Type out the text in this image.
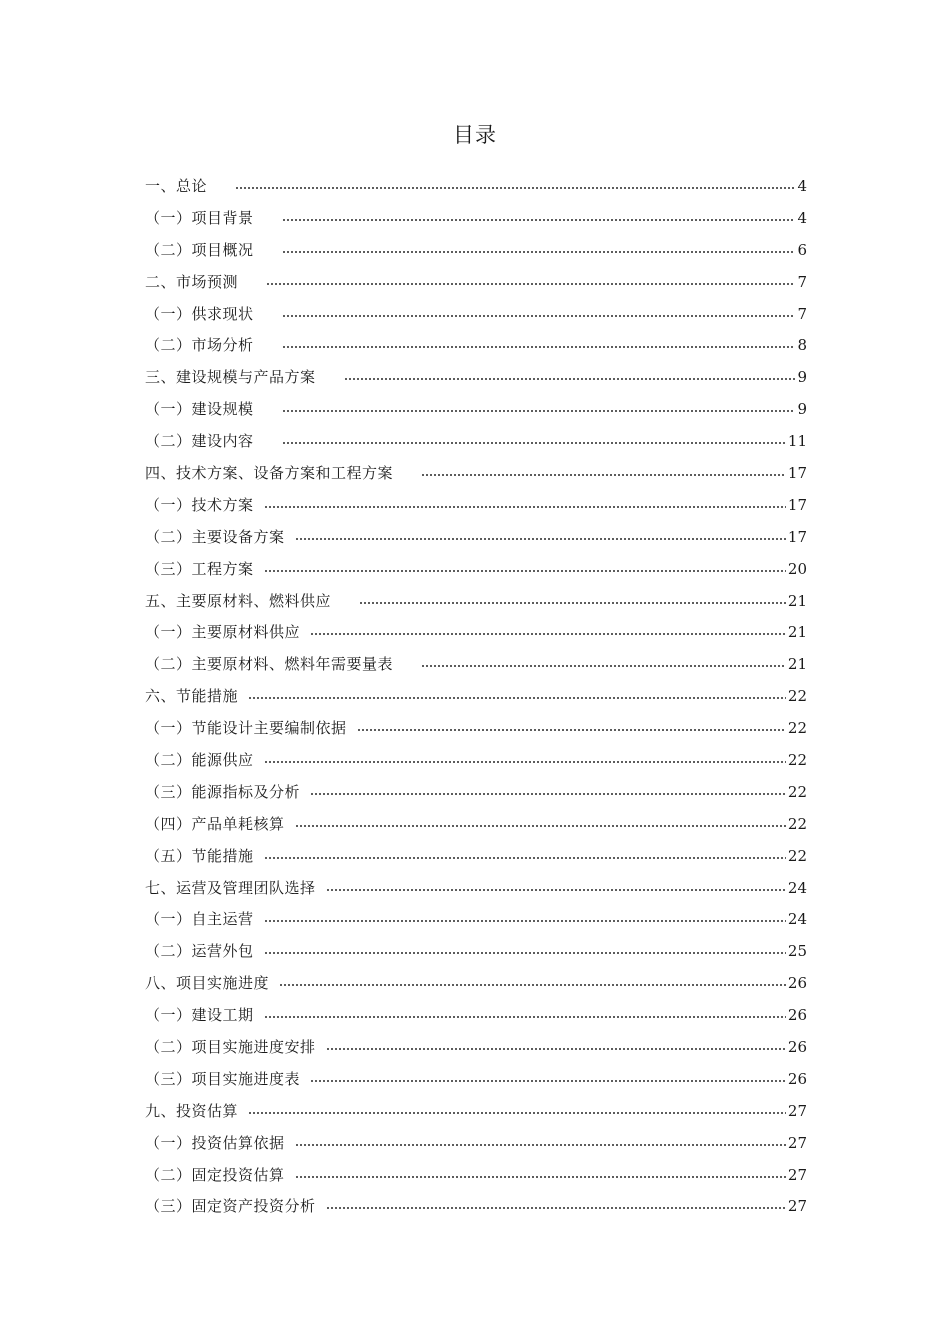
目录
一、总论	4
（一）项目背景	4
（二）项目概况	6
二、市场预测	7
（一）供求现状	7
（二）市场分析	8
三、建设规模与产品方案	9
（一）建设规模	9
（二）建设内容	11
四、技术方案、设备方案和工程方案	17
（一）技术方案	17
（二）主要设备方案	17
（三）工程方案	20
五、主要原材料、燃料供应	21
（一）主要原材料供应	21
（二）主要原材料、燃料年需要量表	21
六、节能措施	22
（一）节能设计主要编制依据	22
（二）能源供应	22
（三）能源指标及分析	22
（四）产品单耗核算	22
（五）节能措施	22
七、运营及管理团队选择	24
（一）自主运营	24
（二）运营外包	25
八、项目实施进度	26
（一）建设工期	26
（二）项目实施进度安排	26
（三）项目实施进度表	26
九、投资估算	27
（一）投资估算依据	27
（二）固定投资估算	27
（三）固定资产投资分析	27
